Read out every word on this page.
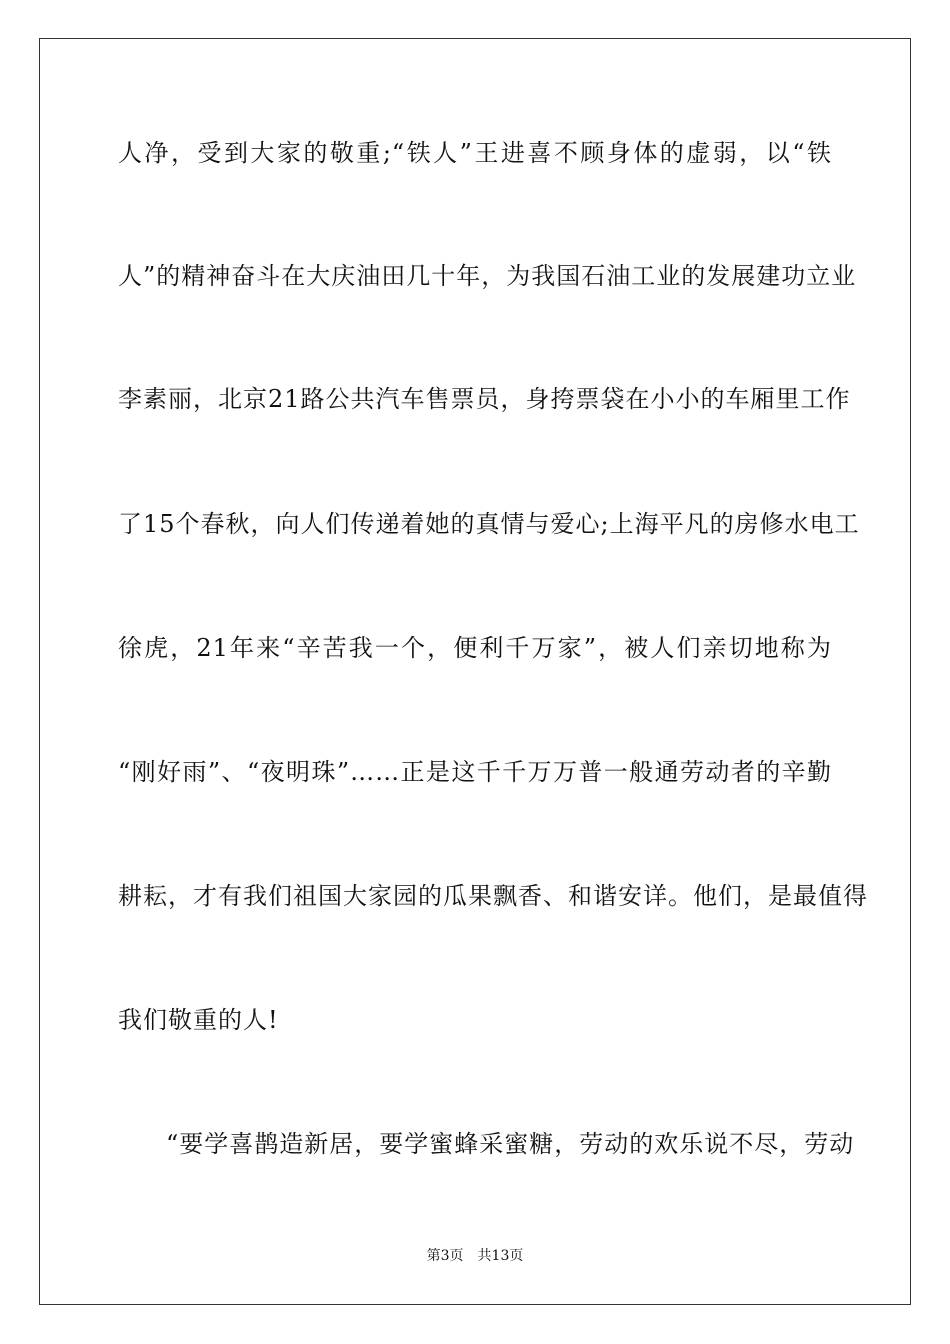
人净，受到大家的敬重;“铁人”王进喜不顾身体的虚弱，以“铁
人”的精神奋斗在大庆油田几十年，为我国石油工业的发展建功立业
李素丽，北京21路公共汽车售票员，身挎票袋在小小的车厢里工作
了15个春秋，向人们传递着她的真情与爱心;上海平凡的房修水电工
徐虎，21年来“辛苦我一个，便利千万家”，被人们亲切地称为
“刚好雨”、“夜明珠”……正是这千千万万普一般通劳动者的辛勤
耕耘，才有我们祖国大家园的瓜果飘香、和谐安详。他们，是最值得
我们敬重的人!
“要学喜鹊造新居，要学蜜蜂采蜜糖，劳动的欢乐说不尽，劳动
第3页 共13页
